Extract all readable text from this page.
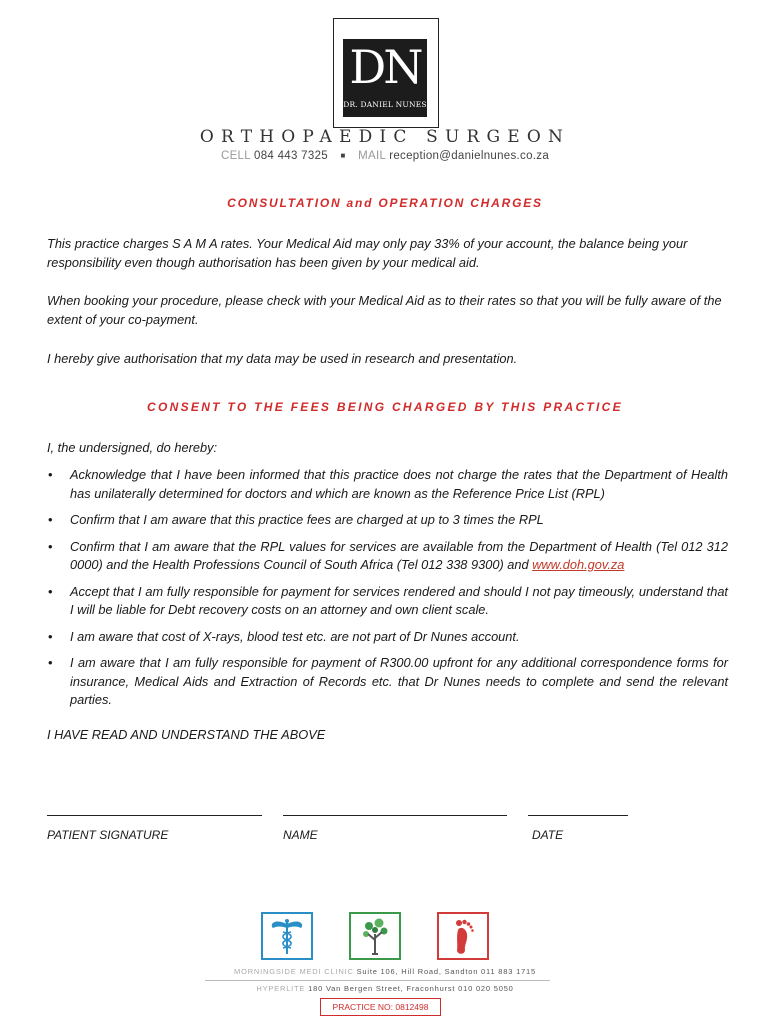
DN
DR. DANIEL NUNES
ORTHOPAEDIC SURGEON
CELL 084 443 7325 ■ MAIL reception@danielnunes.co.za
CONSULTATION and OPERATION CHARGES

This practice charges S A M A rates. Your Medical Aid may only pay 33% of your account, the balance being your responsibility even though authorisation has been given by your medical aid.

When booking your procedure, please check with your Medical Aid as to their rates so that you will be fully aware of the extent of your co-payment.

I hereby give authorisation that my data may be used in research and presentation.

CONSENT TO THE FEES BEING CHARGED BY THIS PRACTICE

I, the undersigned, do hereby:

• Acknowledge that I have been informed that this practice does not charge the rates that the Department of Health has unilaterally determined for doctors and which are known as the Reference Price List (RPL)
• Confirm that I am aware that this practice fees are charged at up to 3 times the RPL
• Confirm that I am aware that the RPL values for services are available from the Department of Health (Tel 012 312 0000) and the Health Professions Council of South Africa (Tel 012 338 9300) and www.doh.gov.za
• Accept that I am fully responsible for payment for services rendered and should I not pay timeously, understand that I will be liable for Debt recovery costs on an attorney and own client scale.
• I am aware that cost of X-rays, blood test etc. are not part of Dr Nunes account.
• I am aware that I am fully responsible for payment of R300.00 upfront for any additional correspondence forms for insurance, Medical Aids and Extraction of Records etc. that Dr Nunes needs to complete and send the relevant parties.

I HAVE READ AND UNDERSTAND THE ABOVE

PATIENT SIGNATURE	NAME	DATE
MORNINGSIDE MEDI CLINIC Suite 106, Hill Road, Sandton 011 883 1715
HYPERLITE 180 Van Bergen Street, Fraconhurst 010 020 5050
PRACTICE NO: 0812498
